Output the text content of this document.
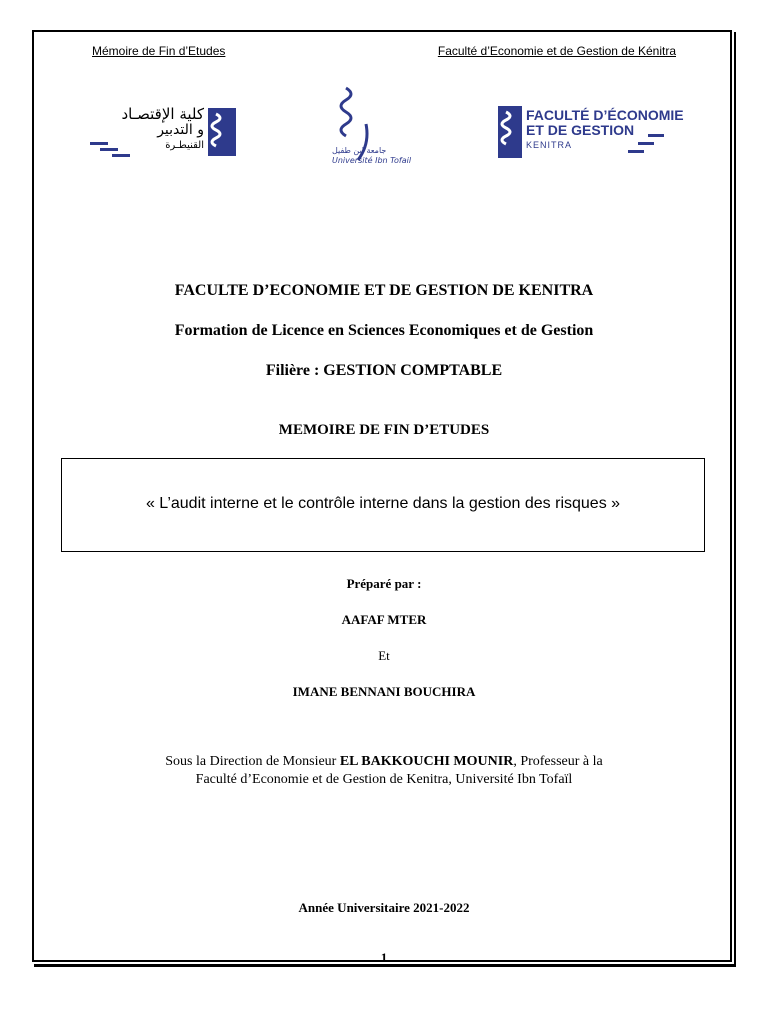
Mémoire de Fin d’Etudes	Faculté d’Economie et de Gestion de Kénitra
كلية الإقتصـاد
و التدبير
القنيطـرة	جامعة ابن طفيل
Université Ibn Tofail
FACULTÉ D’ÉCONOMIE
ET DE GESTION
KENITRA
FACULTE D’ECONOMIE ET DE GESTION DE KENITRA
Formation de Licence en Sciences Economiques et de Gestion
Filière : GESTION COMPTABLE
MEMOIRE DE FIN D’ETUDES
« L’audit interne et le contrôle interne dans la gestion des risques »
Préparé par :
AAFAF MTER
Et
IMANE BENNANI BOUCHIRA
Sous la Direction de Monsieur EL BAKKOUCHI MOUNIR, Professeur à la
Faculté d’Economie et de Gestion de Kenitra, Université Ibn Tofaïl
Année Universitaire 2021-2022
1
